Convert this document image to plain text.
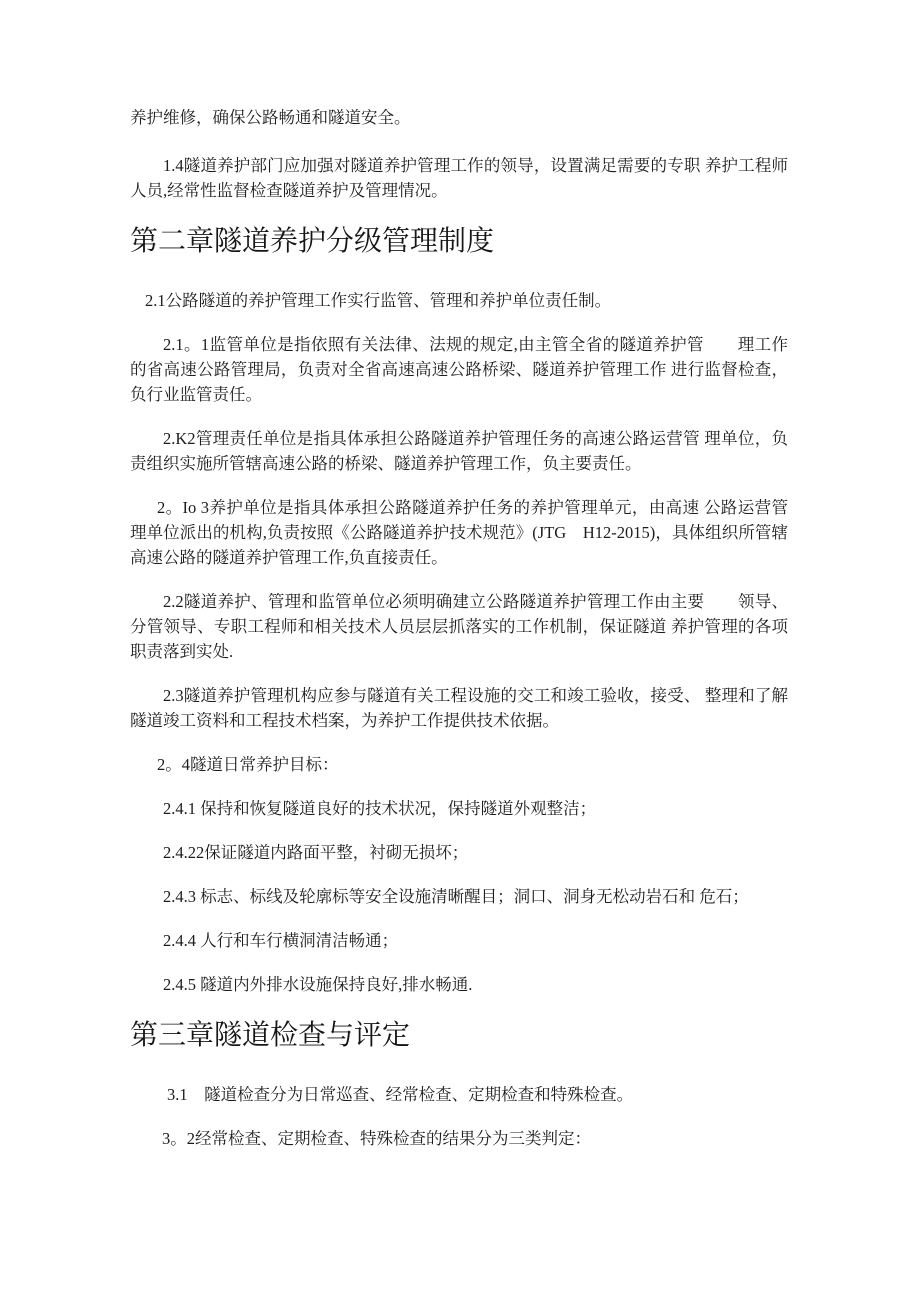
养护维修，确保公路畅通和隧道安全。

1.4隧道养护部门应加强对隧道养护管理工作的领导，设置满足需要的专职 养护工程师人员,经常性监督检查隧道养护及管理情况。

第二章隧道养护分级管理制度

2.1公路隧道的养护管理工作实行监管、管理和养护单位责任制。

2.1。1监管单位是指依照有关法律、法规的规定,由主管全省的隧道养护管　　理工作的省高速公路管理局，负责对全省高速高速公路桥梁、隧道养护管理工作 进行监督检查，负行业监管责任。

2.K2管理责任单位是指具体承担公路隧道养护管理任务的高速公路运营管 理单位，负责组织实施所管辖高速公路的桥梁、隧道养护管理工作，负主要责任。

2。Io 3养护单位是指具体承担公路隧道养护任务的养护管理单元，由高速 公路运营管理单位派出的机构,负责按照《公路隧道养护技术规范》(JTG　H12-2015)，具体组织所管辖高速公路的隧道养护管理工作,负直接责任。

2.2隧道养护、管理和监管单位必须明确建立公路隧道养护管理工作由主要　　领导、分管领导、专职工程师和相关技术人员层层抓落实的工作机制，保证隧道 养护管理的各项职责落到实处.

2.3隧道养护管理机构应参与隧道有关工程设施的交工和竣工验收，接受、 整理和了解隧道竣工资料和工程技术档案，为养护工作提供技术依据。

2。4隧道日常养护目标：

2.4.1 保持和恢复隧道良好的技术状况，保持隧道外观整洁；

2.4.22保证隧道内路面平整，衬砌无损坏；

2.4.3 标志、标线及轮廓标等安全设施清晰醒目；洞口、洞身无松动岩石和 危石；

2.4.4 人行和车行横洞清洁畅通；

2.4.5 隧道内外排水设施保持良好,排水畅通.

第三章隧道检查与评定

3.1　隧道检查分为日常巡查、经常检查、定期检查和特殊检查。

3。2经常检查、定期检查、特殊检查的结果分为三类判定：
